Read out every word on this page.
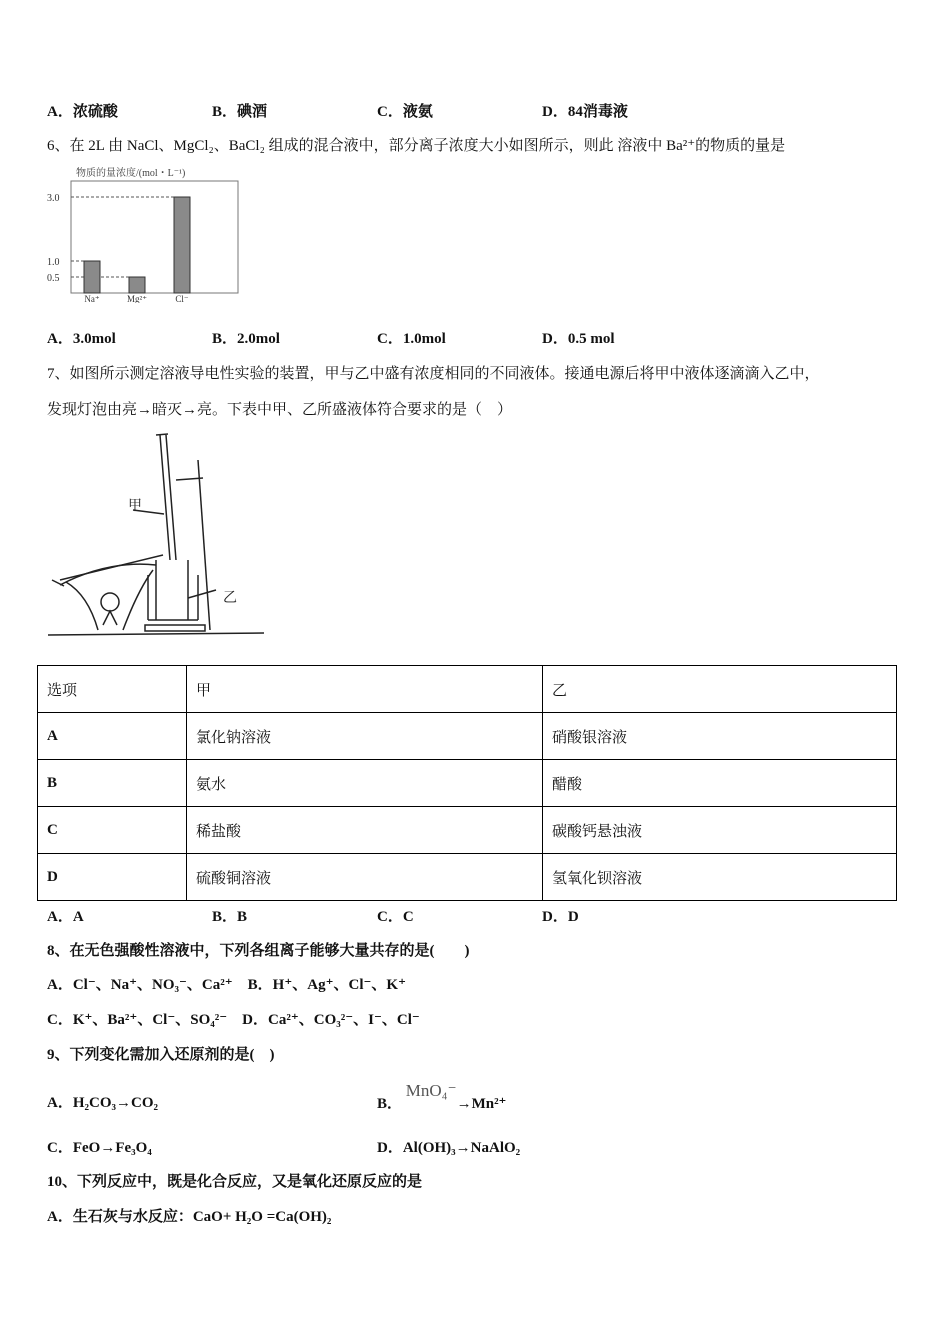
A．浓硫酸	B．碘酒	C．液氨	D．84消毒液
6、在 2L 由 NaCl、MgCl₂、BaCl₂ 组成的混合液中，部分离子浓度大小如图所示，则此 溶液中 Ba²⁺的物质的量是
物质的量浓度/(mol・L⁻¹)
3.0
1.0
0.5
Na⁺	Mg²⁺	Cl⁻
A．3.0mol	B．2.0mol	C．1.0mol	D．0.5 mol
7、如图所示测定溶液导电性实验的装置，甲与乙中盛有浓度相同的不同液体。接通电源后将甲中液体逐滴滴入乙中，
发现灯泡由亮→暗灭→亮。下表中甲、乙所盛液体符合要求的是（　）
甲
乙
选项	甲	乙
A	氯化钠溶液	硝酸银溶液
B	氨水	醋酸
C	稀盐酸	碳酸钙悬浊液
D	硫酸铜溶液	氢氧化钡溶液
A．A	B．B	C．C	D．D
8、在无色强酸性溶液中，下列各组离子能够大量共存的是(　　)
A．Cl⁻、Na⁺、NO₃⁻、Ca²⁺　B．H⁺、Ag⁺、Cl⁻、K⁺
C．K⁺、Ba²⁺、Cl⁻、SO₄²⁻　D．Ca²⁺、CO₃²⁻、I⁻、Cl⁻
9、下列变化需加入还原剂的是(　)
A．H₂CO₃→CO₂	B． MnO₄⁻→Mn²⁺
C．FeO→Fe₃O₄	D．Al(OH)₃→NaAlO₂
10、下列反应中，既是化合反应，又是氧化还原反应的是
A．生石灰与水反应：CaO+ H₂O =Ca(OH)₂
